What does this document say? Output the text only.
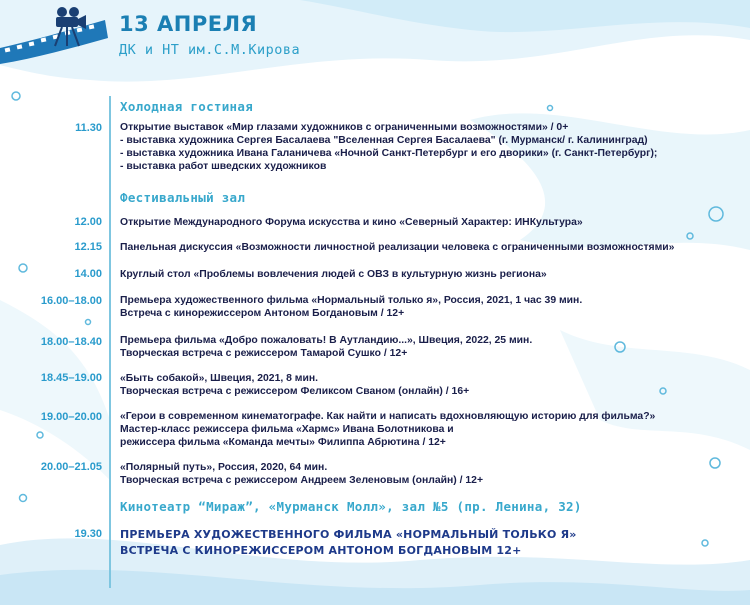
13 АПРЕЛЯ
ДК и НТ им.С.М.Кирова
Холодная гостиная
11.30 Открытие выставок «Мир глазами художников с ограниченными возможностями» / 0+
- выставка художника Сергея Басалаева "Вселенная Сергея Басалаева" (г. Мурманск/ г. Калининград)
- выставка художника Ивана Галаничева «Ночной Санкт-Петербург и его дворики» (г. Санкт-Петербург);
- выставка работ шведских художников
Фестивальный зал
12.00 Открытие Международного Форума искусства и кино «Северный Характер: ИНКультура»
12.15 Панельная дискуссия «Возможности личностной реализации человека с ограниченными возможностями»
14.00 Круглый стол «Проблемы вовлечения людей с ОВЗ в культурную жизнь региона»
16.00–18.00 Премьера художественного фильма «Нормальный только я», Россия, 2021, 1 час 39 мин.
Встреча с кинорежиссером Антоном Богдановым / 12+
18.00–18.40 Премьера фильма «Добро пожаловать! В Аутландию...», Швеция, 2022, 25 мин.
Творческая встреча с режиссером Тамарой Сушко / 12+
18.45–19.00 «Быть собакой», Швеция, 2021, 8 мин.
Творческая встреча с режиссером Феликсом Сваном (онлайн) / 16+
19.00–20.00 «Герои в современном кинематографе. Как найти и написать вдохновляющую историю для фильма?»
Мастер-класс режиссера фильма «Хармс» Ивана Болотникова и
режиссера фильма «Команда мечты» Филиппа Абрютина / 12+
20.00–21.05 «Полярный путь», Россия, 2020, 64 мин.
Творческая встреча с режиссером Андреем Зеленовым (онлайн) / 12+
Кинотеатр “Мираж”, «Мурманск Молл», зал №5 (пр. Ленина, 32)
19.30 ПРЕМЬЕРА ХУДОЖЕСТВЕННОГО ФИЛЬМА «НОРМАЛЬНЫЙ ТОЛЬКО Я»
ВСТРЕЧА С КИНОРЕЖИССЕРОМ АНТОНОМ БОГДАНОВЫМ 12+
